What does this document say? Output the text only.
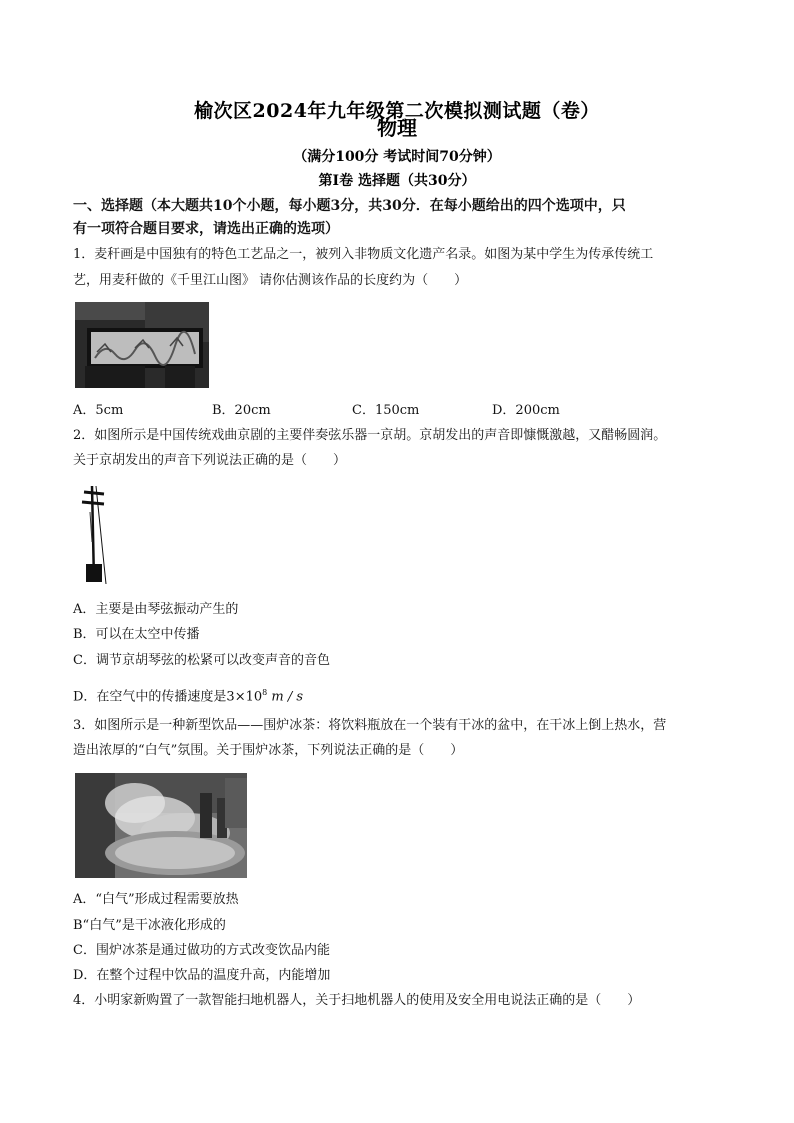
榆次区2024年九年级第二次模拟测试题（卷）
物理
（满分100分 考试时间70分钟）
第Ⅰ卷 选择题（共30分）
一、选择题（本大题共10个小题，每小题3分，共30分．在每小题给出的四个选项中，只
有一项符合题目要求，请选出正确的选项）
1．麦秆画是中国独有的特色工艺品之一，被列入非物质文化遗产名录。如图为某中学生为传承传统工
艺，用麦秆做的《千里江山图》 请你估测该作品的长度约为（　　）
A．5cm	B．20cm	C．150cm	D．200cm
2．如图所示是中国传统戏曲京剧的主要伴奏弦乐器一京胡。京胡发出的声音即慷慨激越，又醋畅圆润。
关于京胡发出的声音下列说法正确的是（　　）
A．主要是由琴弦振动产生的
B．可以在太空中传播
C．调节京胡琴弦的松紧可以改变声音的音色
D．在空气中的传播速度是$3\times 10^8$ m / s
3．如图所示是一种新型饮品——围炉冰茶：将饮料瓶放在一个装有干冰的盆中，在干冰上倒上热水，营
造出浓厚的“白气”氛围。关于围炉冰茶，下列说法正确的是（　　）
A．“白气”形成过程需要放热
B“白气”是干冰液化形成的
C．围炉冰茶是通过做功的方式改变饮品内能
D．在整个过程中饮品的温度升高，内能增加
4．小明家新购置了一款智能扫地机器人，关于扫地机器人的使用及安全用电说法正确的是（　　）
